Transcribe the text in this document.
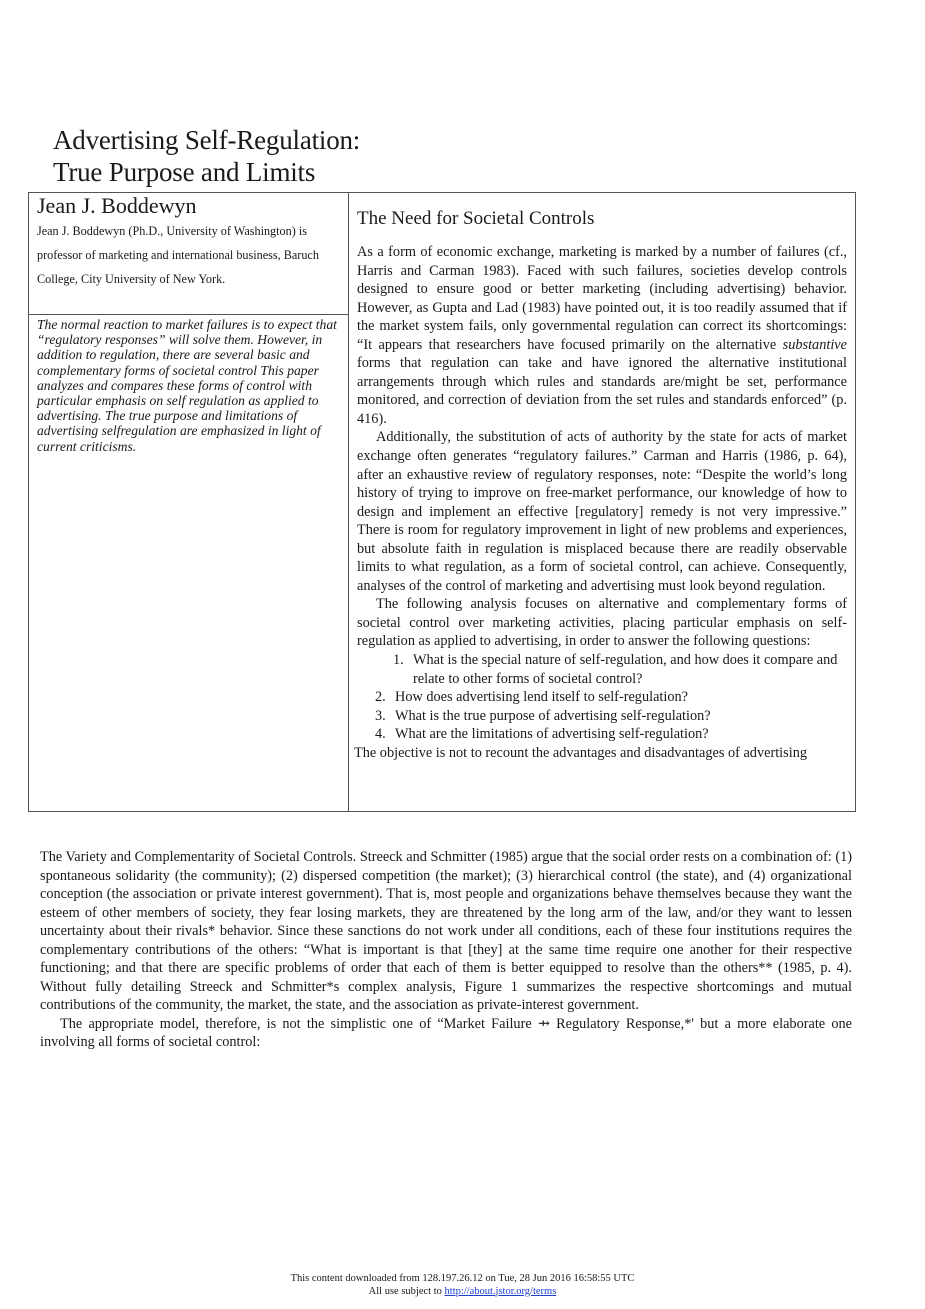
Advertising Self-Regulation:
True Purpose and Limits

Jean J. Boddewyn

Jean J. Boddewyn (Ph.D., University of Washington) is professor of marketing and international business, Baruch College, City University of New York.

The normal reaction to market failures is to expect that “regulatory responses” will solve them. However, in addition to regulation, there are several basic and complementary forms of societal control This paper analyzes and compares these forms of control with particular emphasis on self regulation as applied to advertising. The true purpose and limitations of advertising selfregulation are emphasized in light of current criticisms.

The Need for Societal Controls

As a form of economic exchange, marketing is marked by a number of failures (cf., Harris and Carman 1983). Faced with such failures, societies develop controls designed to ensure good or better marketing (including advertising) behavior. However, as Gupta and Lad (1983) have pointed out, it is too readily assumed that if the market system fails, only governmental regulation can correct its shortcomings: “It appears that researchers have focused primarily on the alternative substantive forms that regulation can take and have ignored the alternative institutional arrangements through which rules and standards are/might be set, performance monitored, and correction of deviation from the set rules and standards enforced” (p. 416).

Additionally, the substitution of acts of authority by the state for acts of market exchange often generates “regulatory failures.” Carman and Harris (1986, p. 64), after an exhaustive review of regulatory responses, note: “Despite the world’s long history of trying to improve on free-market performance, our knowledge of how to design and implement an effective [regulatory] remedy is not very impressive.” There is room for regulatory improvement in light of new problems and experiences, but absolute faith in regulation is misplaced because there are readily observable limits to what regulation, as a form of societal control, can achieve. Consequently, analyses of the control of marketing and advertising must look beyond regulation.

The following analysis focuses on alternative and complementary forms of societal control over marketing activities, placing particular emphasis on self-regulation as applied to advertising, in order to answer the following questions:

1. What is the special nature of self-regulation, and how does it compare and relate to other forms of societal control?
2. How does advertising lend itself to self-regulation?
3. What is the true purpose of advertising self-regulation?
4. What are the limitations of advertising self-regulation?

The objective is not to recount the advantages and disadvantages of advertising

The Variety and Complementarity of Societal Controls. Streeck and Schmitter (1985) argue that the social order rests on a combination of: (1) spontaneous solidarity (the community); (2) dispersed competition (the market); (3) hierarchical control (the state), and (4) organizational conception (the association or private interest government). That is, most people and organizations behave themselves because they want the esteem of other members of society, they fear losing markets, they are threatened by the long arm of the law, and/or they want to lessen uncertainty about their rivals* behavior. Since these sanctions do not work under all conditions, each of these four institutions requires the complementary contributions of the others: “What is important is that [they] at the same time require one another for their respective functioning; and that there are specific problems of order that each of them is better equipped to resolve than the others** (1985, p. 4). Without fully detailing Streeck and Schmitter*s complex analysis, Figure 1 summarizes the respective shortcomings and mutual contributions of the community, the market, the state, and the association as private-interest government.

The appropriate model, therefore, is not the simplistic one of “Market Failure ⇸ Regulatory Response,*' but a more elaborate one involving all forms of societal control:

This content downloaded from 128.197.26.12 on Tue, 28 Jun 2016 16:58:55 UTC
All use subject to http://about.jstor.org/terms
